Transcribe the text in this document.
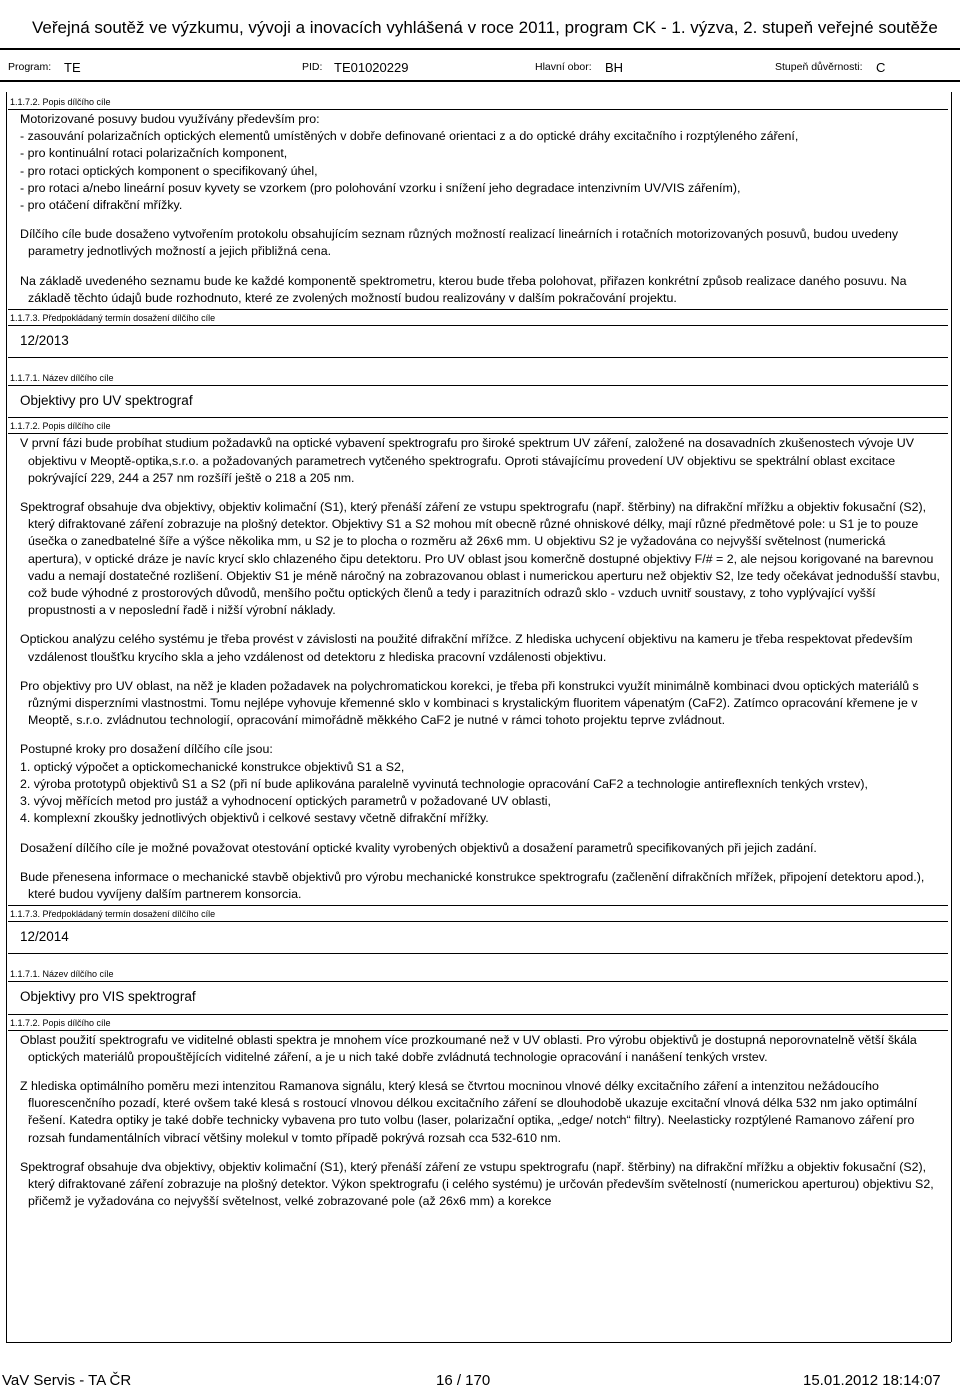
Veřejná soutěž ve výzkumu, vývoji a inovacích vyhlášená v roce 2011, program CK - 1. výzva, 2. stupeň veřejné soutěže
Program: TE	PID: TE01020229	Hlavní obor: BH	Stupeň důvěrnosti: C
1.1.7.2. Popis dílčího cíle

Motorizované posuvy budou využívány především pro:
- zasouvání polarizačních optických elementů umístěných v dobře definované orientaci z a do optické dráhy excitačního i rozptýleného záření,
- pro kontinuální rotaci polarizačních komponent,
- pro rotaci optických komponent o specifikovaný úhel,
- pro rotaci a/nebo lineární posuv kyvety se vzorkem (pro polohování vzorku i snížení jeho degradace intenzivním UV/VIS zářením),
- pro otáčení difrakční mřížky.

Dílčího cíle bude dosaženo vytvořením protokolu obsahujícím seznam různých možností realizací lineárních i rotačních motorizovaných posuvů, budou uvedeny parametry jednotlivých možností a jejich přibližná cena.

Na základě uvedeného seznamu bude ke každé komponentě spektrometru, kterou bude třeba polohovat, přiřazen konkrétní způsob realizace daného posuvu. Na základě těchto údajů bude rozhodnuto, které ze zvolených možností budou realizovány v dalším pokračování projektu.

1.1.7.3. Předpokládaný termín dosažení dílčího cíle
12/2013
1.1.7.1. Název dílčího cíle
Objektivy pro UV spektrograf
1.1.7.2. Popis dílčího cíle

V první fázi bude probíhat studium požadavků na optické vybavení spektrografu pro široké spektrum UV záření, založené na dosavadních zkušenostech vývoje UV objektivu v Meoptě-optika,s.r.o. a požadovaných parametrech vytčeného spektrografu. Oproti stávajícímu provedení UV objektivu se spektrální oblast excitace pokrývající 229, 244 a 257 nm rozšíří ještě o 218 a 205 nm.

Spektrograf obsahuje dva objektivy, objektiv kolimační (S1), který přenáší záření ze vstupu spektrografu (např. štěrbiny) na difrakční mřížku a objektiv fokusační (S2), který difraktované záření zobrazuje na plošný detektor. Objektivy S1 a S2 mohou mít obecně různé ohniskové délky, mají různé předmětové pole: u S1 je to pouze úsečka o zanedbatelné šíře a výšce několika mm, u S2 je to plocha o rozměru až 26x6 mm. U objektivu S2 je vyžadována co nejvyšší světelnost (numerická apertura), v optické dráze je navíc krycí sklo chlazeného čipu detektoru. Pro UV oblast jsou komerčně dostupné objektivy F/# = 2, ale nejsou korigované na barevnou vadu a nemají dostatečné rozlišení. Objektiv S1 je méně náročný na zobrazovanou oblast i numerickou aperturu než objektiv S2, lze tedy očekávat jednodušší stavbu, což bude výhodné z prostorových důvodů, menšího počtu optických členů a tedy i parazitních odrazů sklo - vzduch uvnitř soustavy, z toho vyplývající vyšší propustnosti a v neposlední řadě i nižší výrobní náklady.

Optickou analýzu celého systému je třeba provést v závislosti na použité difrakční mřížce. Z hlediska uchycení objektivu na kameru je třeba respektovat především vzdálenost tloušťku krycího skla a jeho vzdálenost od detektoru z hlediska pracovní vzdálenosti objektivu.

Pro objektivy pro UV oblast, na něž je kladen požadavek na polychromatickou korekci, je třeba při konstrukci využít minimálně kombinaci dvou optických materiálů s různými disperzními vlastnostmi. Tomu nejlépe vyhovuje křemenné sklo v kombinaci s krystalickým fluoritem vápenatým (CaF2). Zatímco opracování křemene je v Meoptě, s.r.o. zvládnutou technologií, opracování mimořádně měkkého CaF2 je nutné v rámci tohoto projektu teprve zvládnout.

Postupné kroky pro dosažení dílčího cíle jsou:
1. optický výpočet a optickomechanické konstrukce objektivů S1 a S2,
2. výroba prototypů objektivů S1 a S2 (při ní bude aplikována paralelně vyvinutá technologie opracování CaF2 a technologie antireflexních tenkých vrstev),
3. vývoj měřících metod pro justáž a vyhodnocení optických parametrů v požadované UV oblasti,
4. komplexní zkoušky jednotlivých objektivů i celkové sestavy včetně difrakční mřížky.

Dosažení dílčího cíle je možné považovat otestování optické kvality vyrobených objektivů a dosažení parametrů specifikovaných při jejich zadání.

Bude přenesena informace o mechanické stavbě objektivů pro výrobu mechanické konstrukce spektrografu (začlenění difrakčních mřížek, připojení detektoru apod.), které budou vyvíjeny dalším partnerem konsorcia.

1.1.7.3. Předpokládaný termín dosažení dílčího cíle
12/2014
1.1.7.1. Název dílčího cíle
Objektivy pro VIS spektrograf
1.1.7.2. Popis dílčího cíle

Oblast použití spektrografu ve viditelné oblasti spektra je mnohem více prozkoumané než v UV oblasti. Pro výrobu objektivů je dostupná neporovnatelně větší škála optických materiálů propouštějících viditelné záření, a je u nich také dobře zvládnutá technologie opracování i nanášení tenkých vrstev.

Z hlediska optimálního poměru mezi intenzitou Ramanova signálu, který klesá se čtvrtou mocninou vlnové délky excitačního záření a intenzitou nežádoucího fluorescenčního pozadí, které ovšem také klesá s rostoucí vlnovou délkou excitačního záření se dlouhodobě ukazuje excitační vlnová délka 532 nm jako optimální řešení. Katedra optiky je také dobře technicky vybavena pro tuto volbu (laser, polarizační optika, „edge/ notch“ filtry). Neelasticky rozptýlené Ramanovo záření pro rozsah fundamentálních vibrací většiny molekul v tomto případě pokrývá rozsah cca 532-610 nm.

Spektrograf obsahuje dva objektivy, objektiv kolimační (S1), který přenáší záření ze vstupu spektrografu (např. štěrbiny) na difrakční mřížku a objektiv fokusační (S2), který difraktované záření zobrazuje na plošný detektor. Výkon spektrografu (i celého systému) je určován především světelností (numerickou aperturou) objektivu S2, přičemž je vyžadována co nejvyšší světelnost, velké zobrazované pole (až 26x6 mm) a korekce

VaV Servis - TA ČR	16 / 170	15.01.2012 18:14:07
